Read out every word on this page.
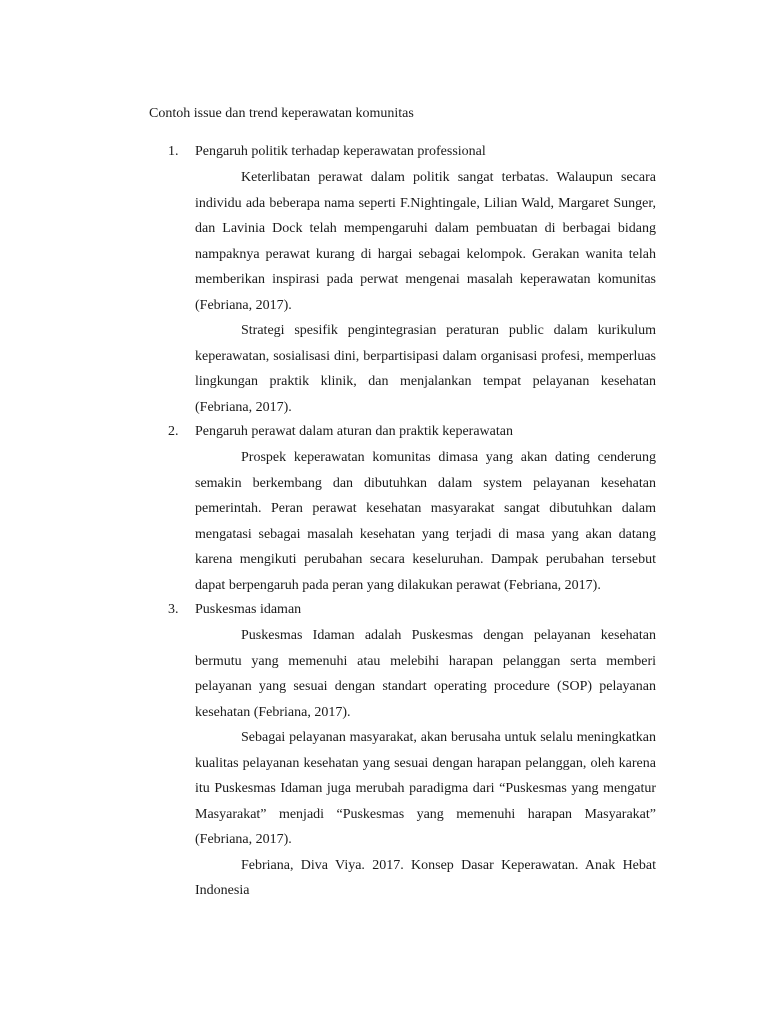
Contoh issue dan trend keperawatan komunitas
1.	Pengaruh politik terhadap keperawatan professional

Keterlibatan perawat dalam politik sangat terbatas. Walaupun secara individu ada beberapa nama seperti F.Nightingale, Lilian Wald, Margaret Sunger, dan Lavinia Dock telah mempengaruhi dalam pembuatan di berbagai bidang nampaknya perawat kurang di hargai sebagai kelompok. Gerakan wanita telah memberikan inspirasi pada perwat mengenai masalah keperawatan komunitas (Febriana, 2017).

Strategi spesifik pengintegrasian peraturan public dalam kurikulum keperawatan, sosialisasi dini, berpartisipasi dalam organisasi profesi, memperluas lingkungan praktik klinik, dan menjalankan tempat pelayanan kesehatan (Febriana, 2017).

2.	Pengaruh perawat dalam aturan dan praktik keperawatan

Prospek keperawatan komunitas dimasa yang akan dating cenderung semakin berkembang dan dibutuhkan dalam system pelayanan kesehatan pemerintah. Peran perawat kesehatan masyarakat sangat dibutuhkan dalam mengatasi sebagai masalah kesehatan yang terjadi di masa yang akan datang karena mengikuti perubahan secara keseluruhan. Dampak perubahan tersebut dapat berpengaruh pada peran yang dilakukan perawat (Febriana, 2017).

3.	Puskesmas idaman

Puskesmas Idaman adalah Puskesmas dengan pelayanan kesehatan bermutu yang memenuhi atau melebihi harapan pelanggan serta memberi pelayanan yang sesuai dengan standart operating procedure (SOP) pelayanan kesehatan (Febriana, 2017).

Sebagai pelayanan masyarakat, akan berusaha untuk selalu meningkatkan kualitas pelayanan kesehatan yang sesuai dengan harapan pelanggan, oleh karena itu Puskesmas Idaman juga merubah paradigma dari “Puskesmas yang mengatur Masyarakat” menjadi “Puskesmas yang memenuhi harapan Masyarakat” (Febriana, 2017).

Febriana, Diva Viya. 2017. Konsep Dasar Keperawatan. Anak Hebat Indonesia
